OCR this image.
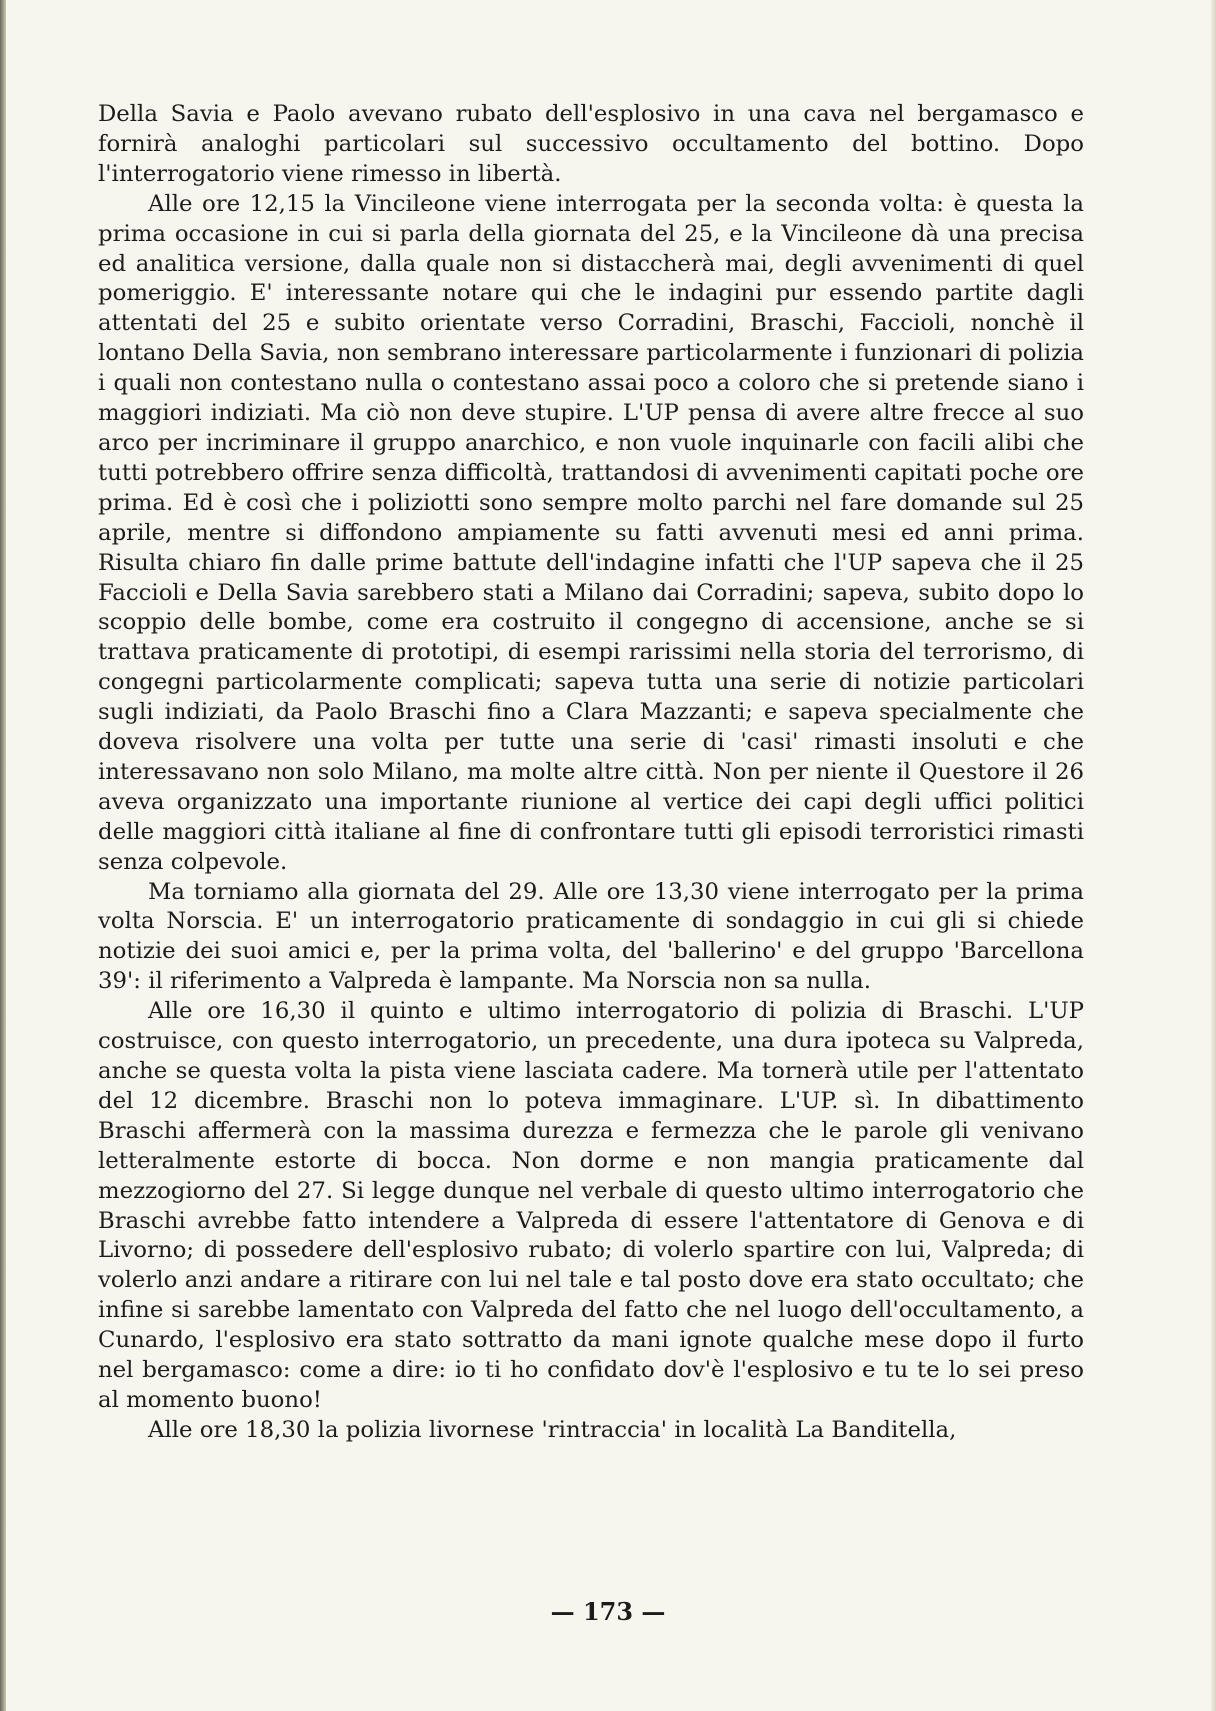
Della Savia e Paolo avevano rubato dell'esplosivo in una cava nel bergamasco e fornirà analoghi particolari sul successivo occultamento del bottino. Dopo l'interrogatorio viene rimesso in libertà.

Alle ore 12,15 la Vincileone viene interrogata per la seconda volta: è questa la prima occasione in cui si parla della giornata del 25, e la Vincileone dà una precisa ed analitica versione, dalla quale non si distaccherà mai, degli avvenimenti di quel pomeriggio. E' interessante notare qui che le indagini pur essendo partite dagli attentati del 25 e subito orientate verso Corradini, Braschi, Faccioli, nonchè il lontano Della Savia, non sembrano interessare particolarmente i funzionari di polizia i quali non contestano nulla o contestano assai poco a coloro che si pretende siano i maggiori indiziati. Ma ciò non deve stupire. L'UP pensa di avere altre frecce al suo arco per incriminare il gruppo anarchico, e non vuole inquinarle con facili alibi che tutti potrebbero offrire senza difficoltà, trattandosi di avvenimenti capitati poche ore prima. Ed è così che i poliziotti sono sempre molto parchi nel fare domande sul 25 aprile, mentre si diffondono ampiamente su fatti avvenuti mesi ed anni prima. Risulta chiaro fin dalle prime battute dell'indagine infatti che l'UP sapeva che il 25 Faccioli e Della Savia sarebbero stati a Milano dai Corradini; sapeva, subito dopo lo scoppio delle bombe, come era costruito il congegno di accensione, anche se si trattava praticamente di prototipi, di esempi rarissimi nella storia del terrorismo, di congegni particolarmente complicati; sapeva tutta una serie di notizie particolari sugli indiziati, da Paolo Braschi fino a Clara Mazzanti; e sapeva specialmente che doveva risolvere una volta per tutte una serie di 'casi' rimasti insoluti e che interessavano non solo Milano, ma molte altre città. Non per niente il Questore il 26 aveva organizzato una importante riunione al vertice dei capi degli uffici politici delle maggiori città italiane al fine di confrontare tutti gli episodi terroristici rimasti senza colpevole.

Ma torniamo alla giornata del 29. Alle ore 13,30 viene interrogato per la prima volta Norscia. E' un interrogatorio praticamente di sondaggio in cui gli si chiede notizie dei suoi amici e, per la prima volta, del 'ballerino' e del gruppo 'Barcellona 39': il riferimento a Valpreda è lampante. Ma Norscia non sa nulla.

Alle ore 16,30 il quinto e ultimo interrogatorio di polizia di Braschi. L'UP costruisce, con questo interrogatorio, un precedente, una dura ipoteca su Valpreda, anche se questa volta la pista viene lasciata cadere. Ma tornerà utile per l'attentato del 12 dicembre. Braschi non lo poteva immaginare. L'UP. sì. In dibattimento Braschi affermerà con la massima durezza e fermezza che le parole gli venivano letteralmente estorte di bocca. Non dorme e non mangia praticamente dal mezzogiorno del 27. Si legge dunque nel verbale di questo ultimo interrogatorio che Braschi avrebbe fatto intendere a Valpreda di essere l'attentatore di Genova e di Livorno; di possedere dell'esplosivo rubato; di volerlo spartire con lui, Valpreda; di volerlo anzi andare a ritirare con lui nel tale e tal posto dove era stato occultato; che infine si sarebbe lamentato con Valpreda del fatto che nel luogo dell'occultamento, a Cunardo, l'esplosivo era stato sottratto da mani ignote qualche mese dopo il furto nel bergamasco: come a dire: io ti ho confidato dov'è l'esplosivo e tu te lo sei preso al momento buono!

Alle ore 18,30 la polizia livornese 'rintraccia' in località La Banditella,

— 173 —
